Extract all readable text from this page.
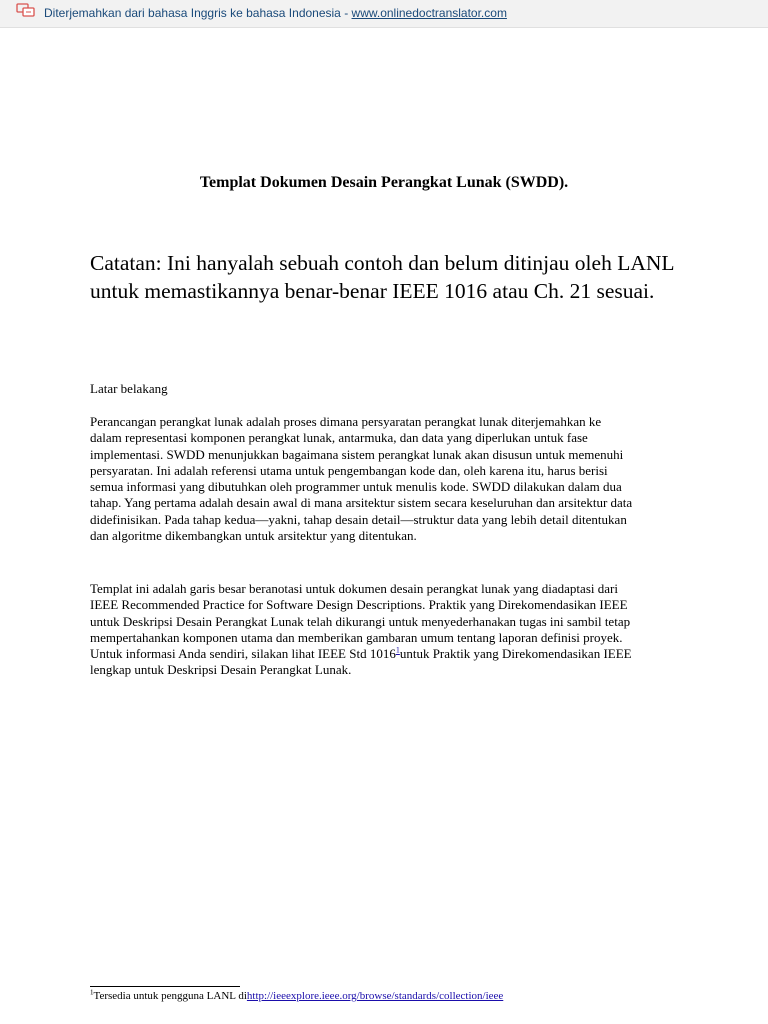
Diterjemahkan dari bahasa Inggris ke bahasa Indonesia - www.onlinedoctranslator.com
Templat Dokumen Desain Perangkat Lunak (SWDD).
Catatan: Ini hanyalah sebuah contoh dan belum ditinjau oleh LANL untuk memastikannya benar-benar IEEE 1016 atau Ch. 21 sesuai.
Latar belakang
Perancangan perangkat lunak adalah proses dimana persyaratan perangkat lunak diterjemahkan ke dalam representasi komponen perangkat lunak, antarmuka, dan data yang diperlukan untuk fase implementasi. SWDD menunjukkan bagaimana sistem perangkat lunak akan disusun untuk memenuhi persyaratan. Ini adalah referensi utama untuk pengembangan kode dan, oleh karena itu, harus berisi semua informasi yang dibutuhkan oleh programmer untuk menulis kode. SWDD dilakukan dalam dua tahap. Yang pertama adalah desain awal di mana arsitektur sistem secara keseluruhan dan arsitektur data didefinisikan. Pada tahap kedua—yakni, tahap desain detail—struktur data yang lebih detail ditentukan dan algoritme dikembangkan untuk arsitektur yang ditentukan.
Templat ini adalah garis besar beranotasi untuk dokumen desain perangkat lunak yang diadaptasi dari IEEE Recommended Practice for Software Design Descriptions. Praktik yang Direkomendasikan IEEE untuk Deskripsi Desain Perangkat Lunak telah dikurangi untuk menyederhanakan tugas ini sambil tetap mempertahankan komponen utama dan memberikan gambaran umum tentang laporan definisi proyek. Untuk informasi Anda sendiri, silakan lihat IEEE Std 1016$^1$untuk Praktik yang Direkomendasikan IEEE lengkap untuk Deskripsi Desain Perangkat Lunak.
$^1$Tersedia untuk pengguna LANL dihttp://ieeexplore.ieee.org/browse/standards/collection/ieee
